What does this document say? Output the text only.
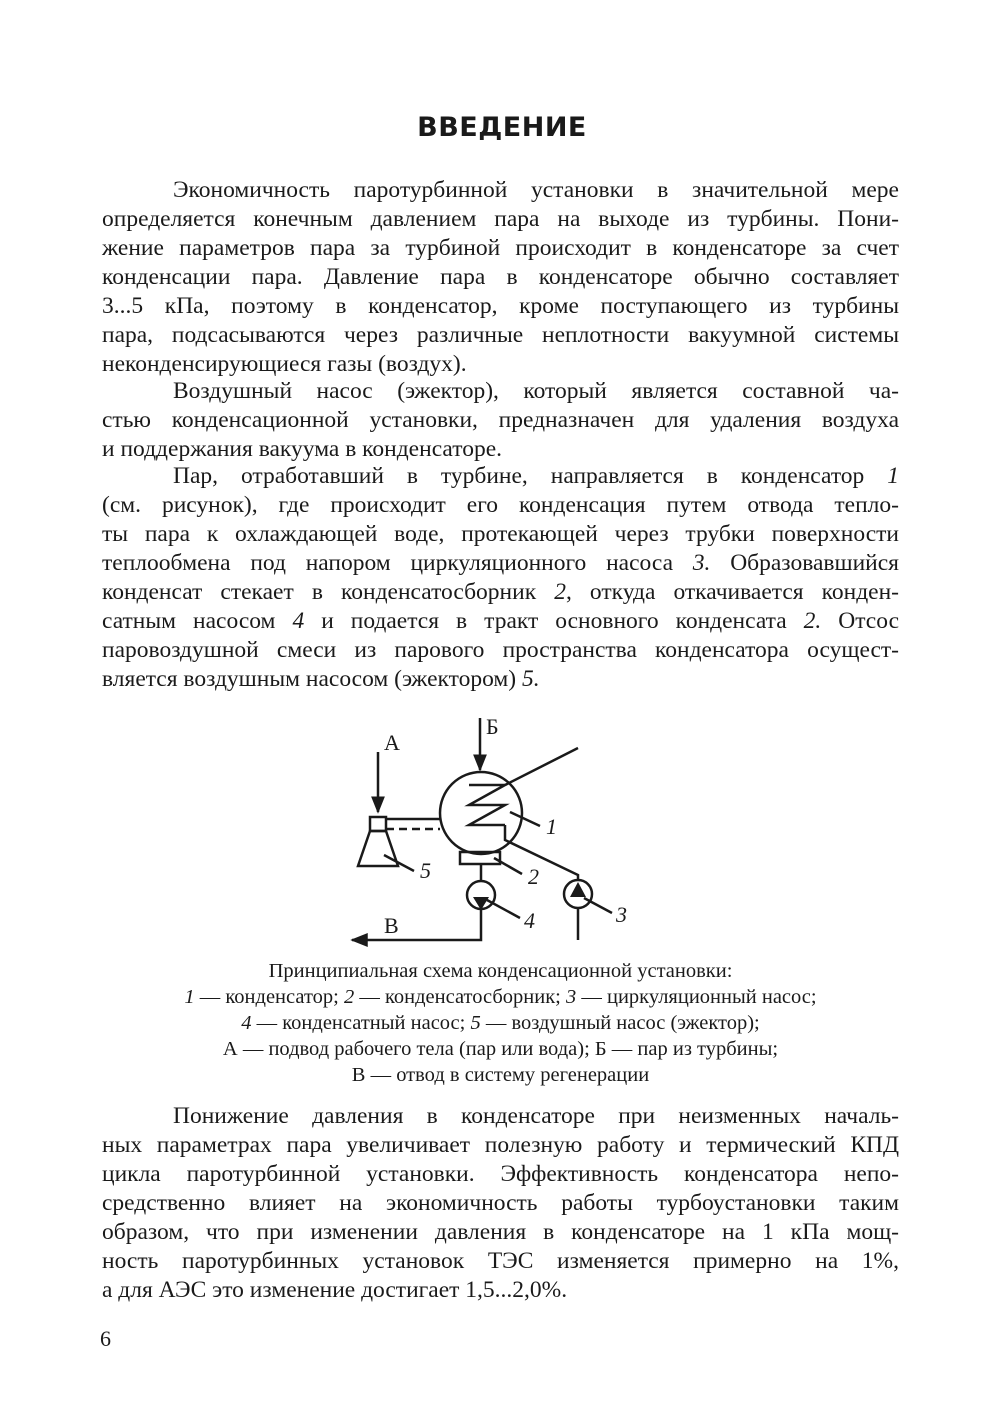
ВВЕДЕНИЕ
Экономичность паротурбинной установки в значительной мере
определяется конечным давлением пара на выходе из турбины. Пони-
жение параметров пара за турбиной происходит в конденсаторе за счет
конденсации пара. Давление пара в конденсаторе обычно составляет
3...5 кПа, поэтому в конденсатор, кроме поступающего из турбины
пара, подсасываются через различные неплотности вакуумной системы
неконденсирующиеся газы (воздух).
Воздушный насос (эжектор), который является составной ча-
стью конденсационной установки, предназначен для удаления воздуха
и поддержания вакуума в конденсаторе.
Пар, отработавший в турбине, направляется в конденсатор 1
(см. рисунок), где происходит его конденсация путем отвода тепло-
ты пара к охлаждающей воде, протекающей через трубки поверхности
теплообмена под напором циркуляционного насоса 3. Образовавшийся
конденсат стекает в конденсатосборник 2, откуда откачивается конден-
сатным насосом 4 и подается в тракт основного конденсата 2. Отсос
паровоздушной смеси из парового пространства конденсатора осущест-
вляется воздушным насосом (эжектором) 5.
Б
А
В
1
2
3
4
5
Принципиальная схема конденсационной установки:
1 — конденсатор; 2 — конденсатосборник; 3 — циркуляционный насос;
4 — конденсатный насос; 5 — воздушный насос (эжектор);
А — подвод рабочего тела (пар или вода); Б — пар из турбины;
В — отвод в систему регенерации
Понижение давления в конденсаторе при неизменных началь-
ных параметрах пара увеличивает полезную работу и термический КПД
цикла паротурбинной установки. Эффективность конденсатора непо-
средственно влияет на экономичность работы турбоустановки таким
образом, что при изменении давления в конденсаторе на 1 кПа мощ-
ность паротурбинных установок ТЭС изменяется примерно на 1%,
а для АЭС это изменение достигает 1,5...2,0%.
6
